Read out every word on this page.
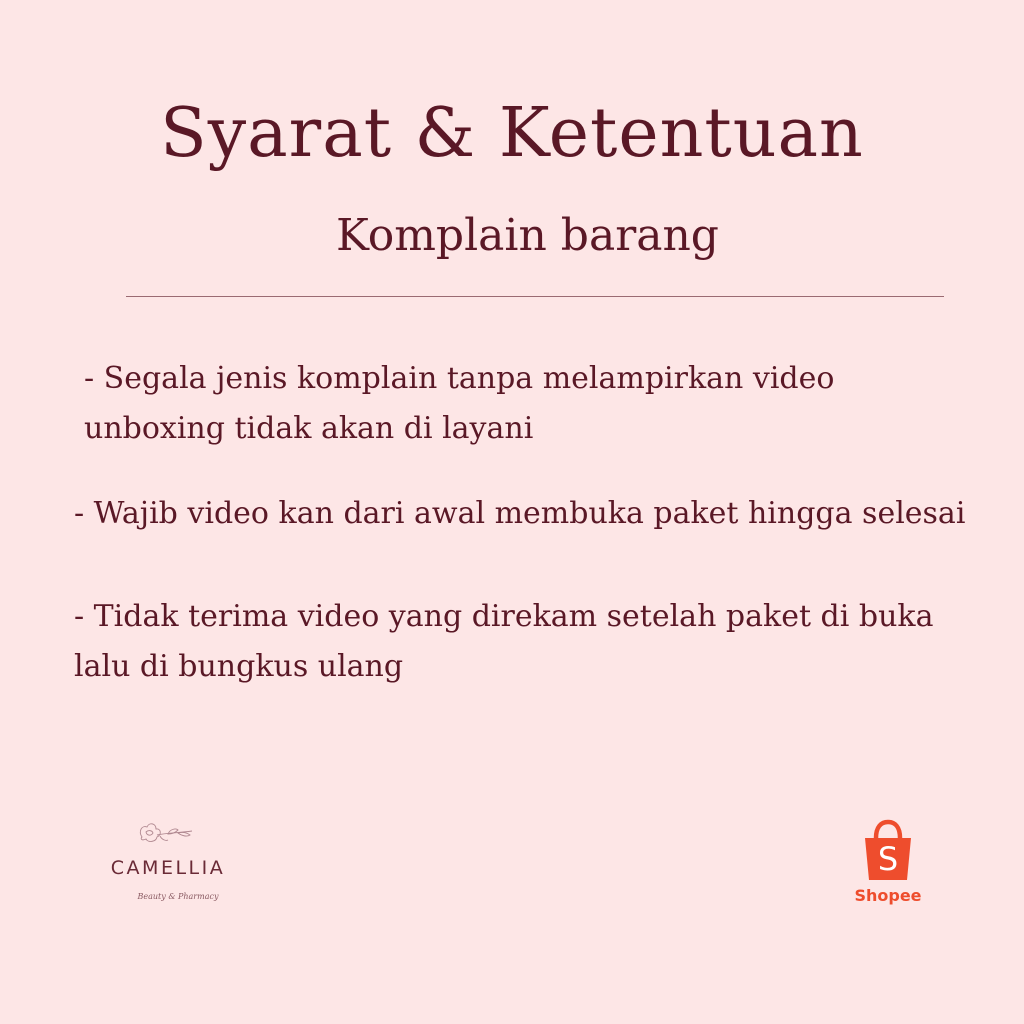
Syarat & Ketentuan
Komplain barang

- Segala jenis komplain tanpa melampirkan video unboxing tidak akan di layani

- Wajib video kan dari awal membuka paket hingga selesai

- Tidak terima video yang direkam setelah paket di buka lalu di bungkus ulang

CAMELLIA
Beauty & Pharmacy
S
Shopee
